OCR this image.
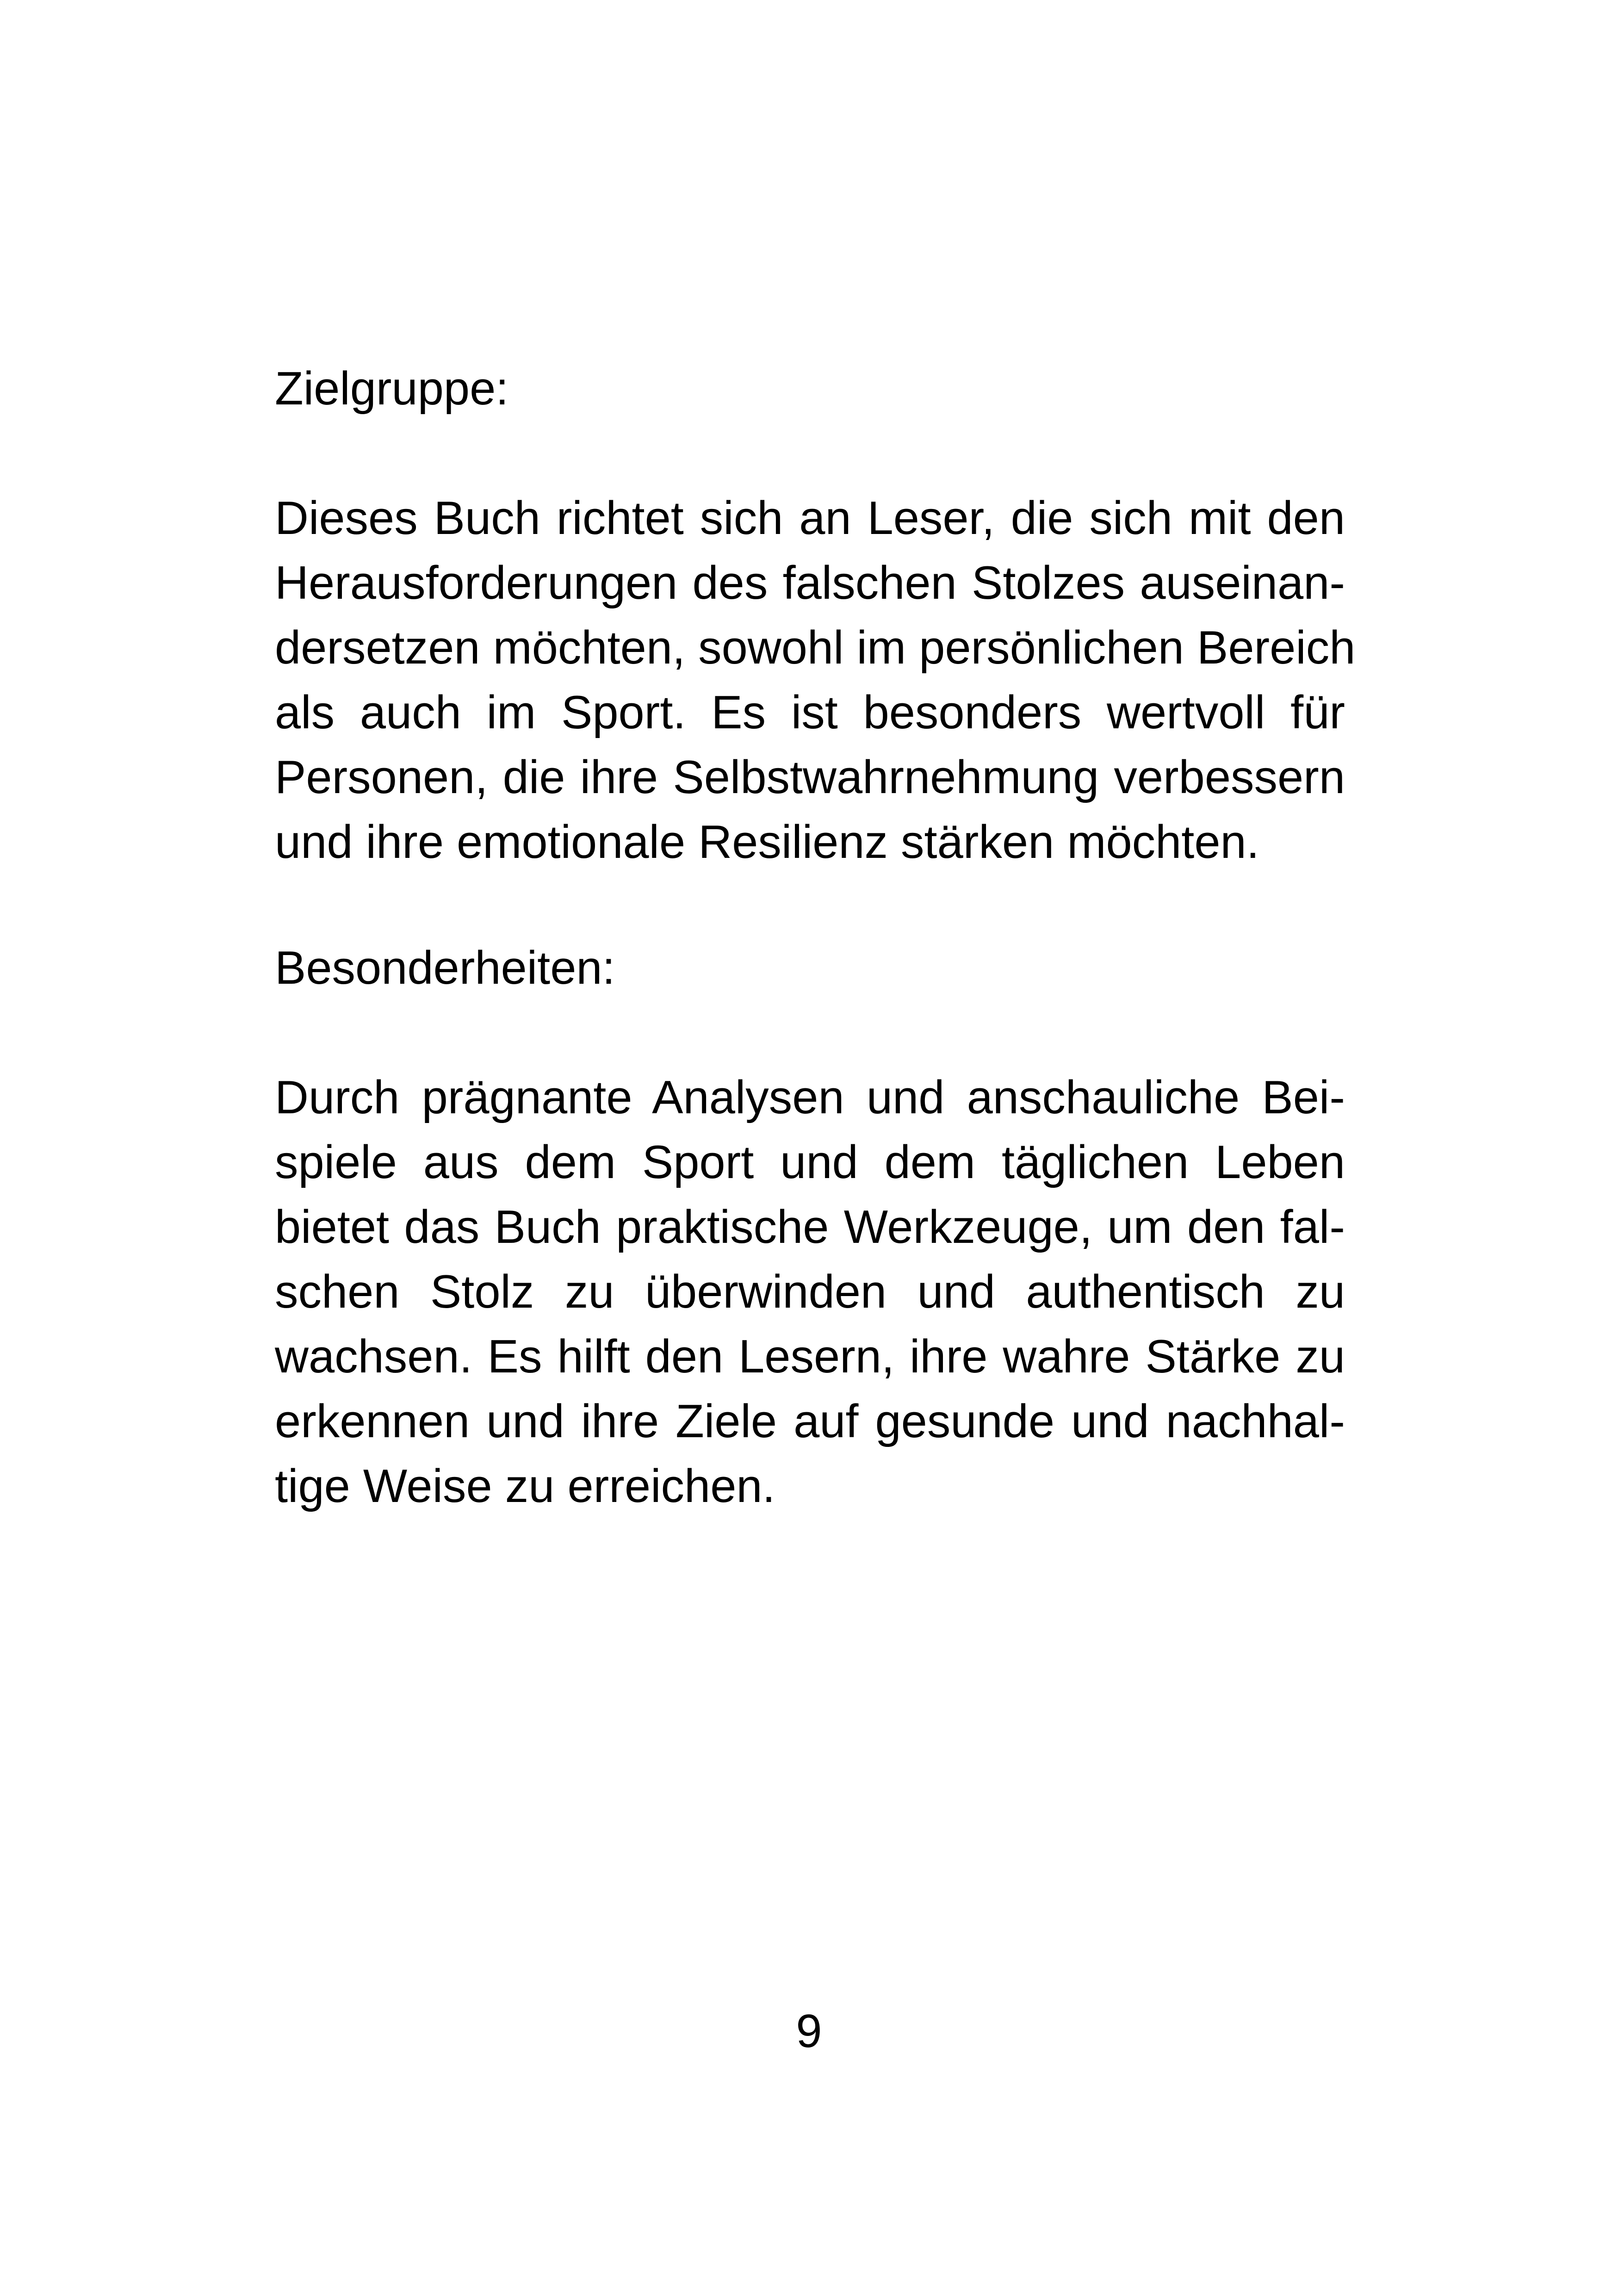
Zielgruppe:
Dieses Buch richtet sich an Leser, die sich mit den
Herausforderungen des falschen Stolzes auseinan-
dersetzen möchten, sowohl im persönlichen Bereich
als auch im Sport. Es ist besonders wertvoll für
Personen, die ihre Selbstwahrnehmung verbessern
und ihre emotionale Resilienz stärken möchten.
Besonderheiten:
Durch prägnante Analysen und anschauliche Bei-
spiele aus dem Sport und dem täglichen Leben
bietet das Buch praktische Werkzeuge, um den fal-
schen Stolz zu überwinden und authentisch zu
wachsen. Es hilft den Lesern, ihre wahre Stärke zu
erkennen und ihre Ziele auf gesunde und nachhal-
tige Weise zu erreichen.
9
